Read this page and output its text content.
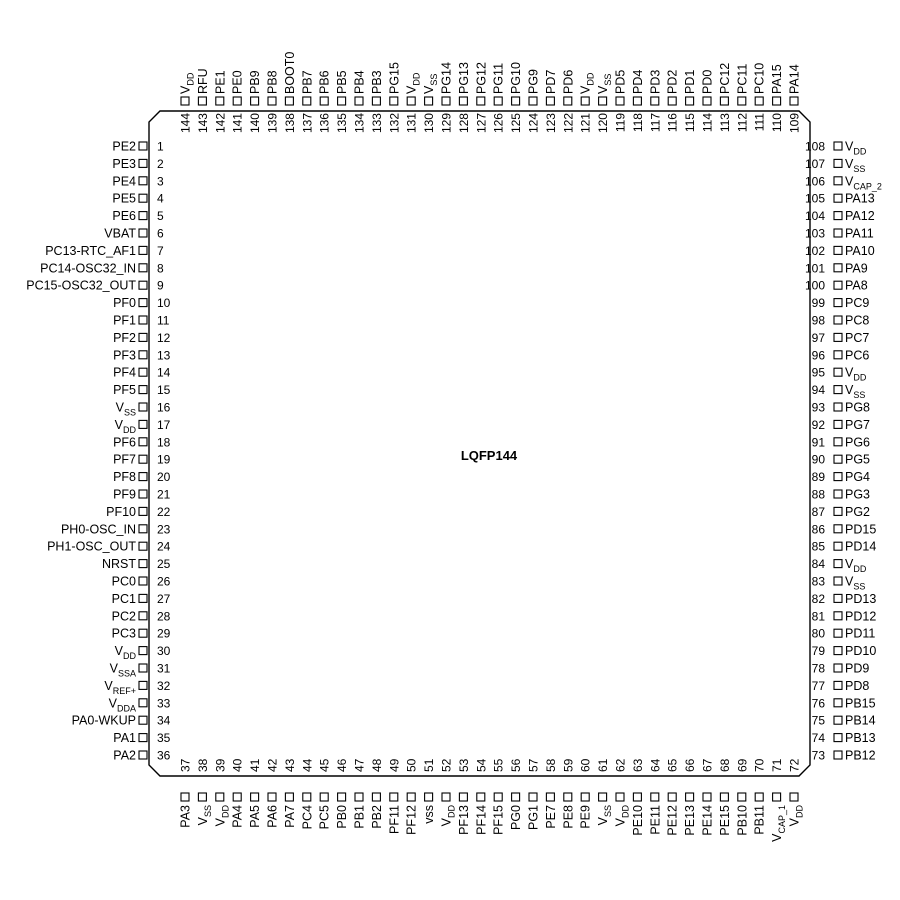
LQFP144
PE2 1
PE3 2
PE4 3
PE5 4
PE6 5
VBAT 6
PC13-RTC_AF1 7
PC14-OSC32_IN 8
PC15-OSC32_OUT 9
PF0 10
PF1 11
PF2 12
PF3 13
PF4 14
PF5 15
$V_{SS}$ 16
$V_{DD}$ 17
PF6 18
PF7 19
PF8 20
PF9 21
PF10 22
PH0-OSC_IN 23
PH1-OSC_OUT 24
NRST 25
PC0 26
PC1 27
PC2 28
PC3 29
$V_{DD}$ 30
$V_{SSA}$ 31
$V_{REF+}$ 32
$V_{DDA}$ 33
PA0-WKUP 34
PA1 35
PA2 36
$V_{DD}$
108
$V_{SS}$
107
$V_{CAP\_2}$
106
PA13
105
PA12
104
PA11
103
PA10
102
PA9
101
PA8
100
PC9
99
PC8
98
PC7
97
PC6
96
$V_{DD}$
95
$V_{SS}$
94
PG8
93
PG7
92
PG6
91
PG5
90
PG4
89
PG3
88
PG2
87
PD15
86
PD14
85
$V_{DD}$
84
$V_{SS}$
83
PD13
82
PD12
81
PD11
80
PD10
79
PD9
78
PD8
77
PB15
76
PB14
75
PB13
74
PB12
73
$V_{DD}$
144
RFU
143
PE1
142
PE0
141
PB9
140
PB8
139
BOOT0
138
PB7
137
PB6
136
PB5
135
PB4
134
PB3
133
PG15
132
$V_{DD}$
131
$V_{SS}$
130
PG14
129
PG13
128
PG12
127
PG11
126
PG10
125
PG9
124
PD7
123
PD6
122
$V_{DD}$
121
$V_{SS}$
120
PD5
119
PD4
118
PD3
117
PD2
116
PD1
115
PD0
114
PC12
113
PC11
112
PC10
111
PA15
110
PA14
109
PA3
37
$V_{SS}$
38
$V_{DD}$
39
PA4
40
PA5
41
PA6
42
PA7
43
PC4
44
PC5
45
PB0
46
PB1
47
PB2
48
PF11
49
PF12
50
vss
51
$V_{DD}$
52
PF13
53
PF14
54
PF15
55
PG0
56
PG1
57
PE7
58
PE8
59
PE9
60
$V_{SS}$
61
$V_{DD}$
62
PE10
63
PE11
64
PE12
65
PE13
66
PE14
67
PE15
68
PB10
69
PB11
70
$V_{CAP\_1}$
71
$V_{DD}$
72
